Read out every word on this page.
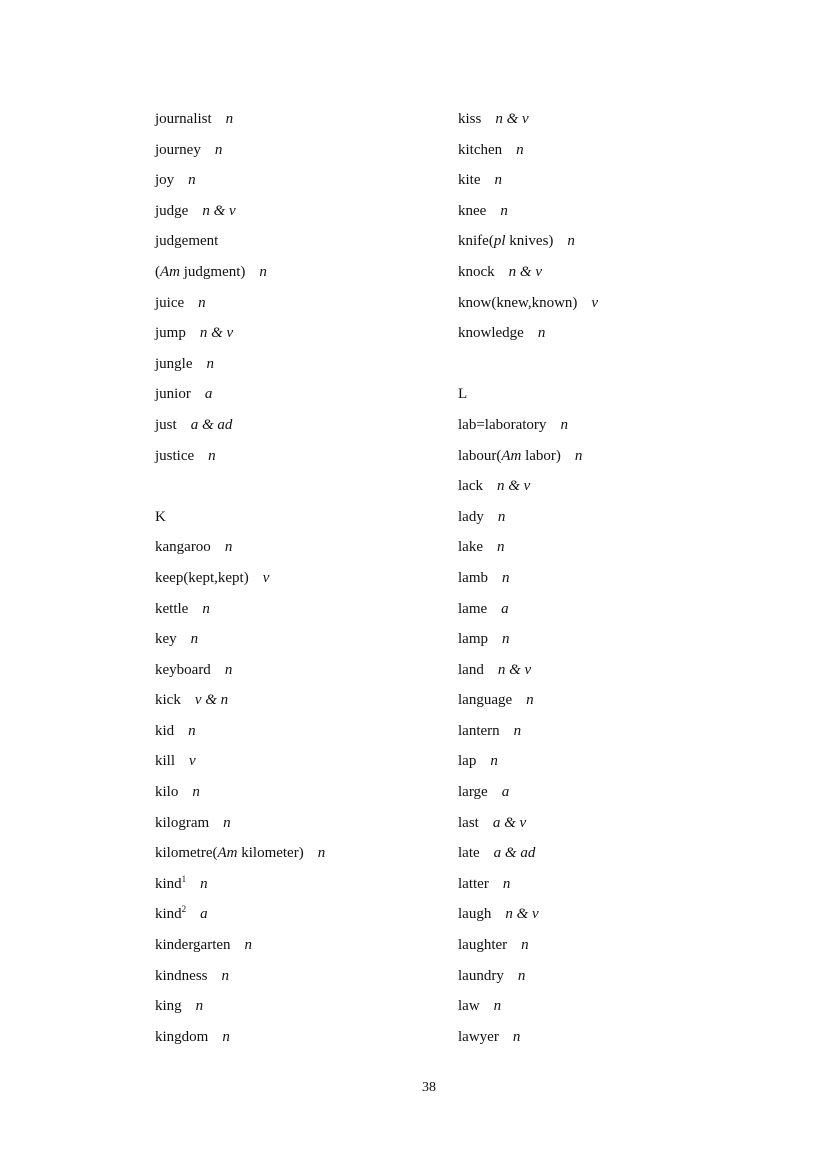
journalist n
journey n
joy n
judge n & v
judgement
(Am judgment) n
juice n
jump n & v
jungle n
junior a
just a & ad
justice n
K
kangaroo n
keep(kept,kept) v
kettle n
key n
keyboard n
kick v & n
kid n
kill v
kilo n
kilogram n
kilometre(Am kilometer) n
kind$^1$ n
kind$^2$ a
kindergarten n
kindness n
king n
kingdom n
kiss n & v
kitchen n
kite n
knee n
knife(pl knives) n
knock n & v
know(knew,known) v
knowledge n
L
lab=laboratory n
labour(Am labor) n
lack n & v
lady n
lake n
lamb n
lame a
lamp n
land n & v
language n
lantern n
lap n
large a
last a & v
late a & ad
latter n
laugh n & v
laughter n
laundry n
law n
lawyer n
38
